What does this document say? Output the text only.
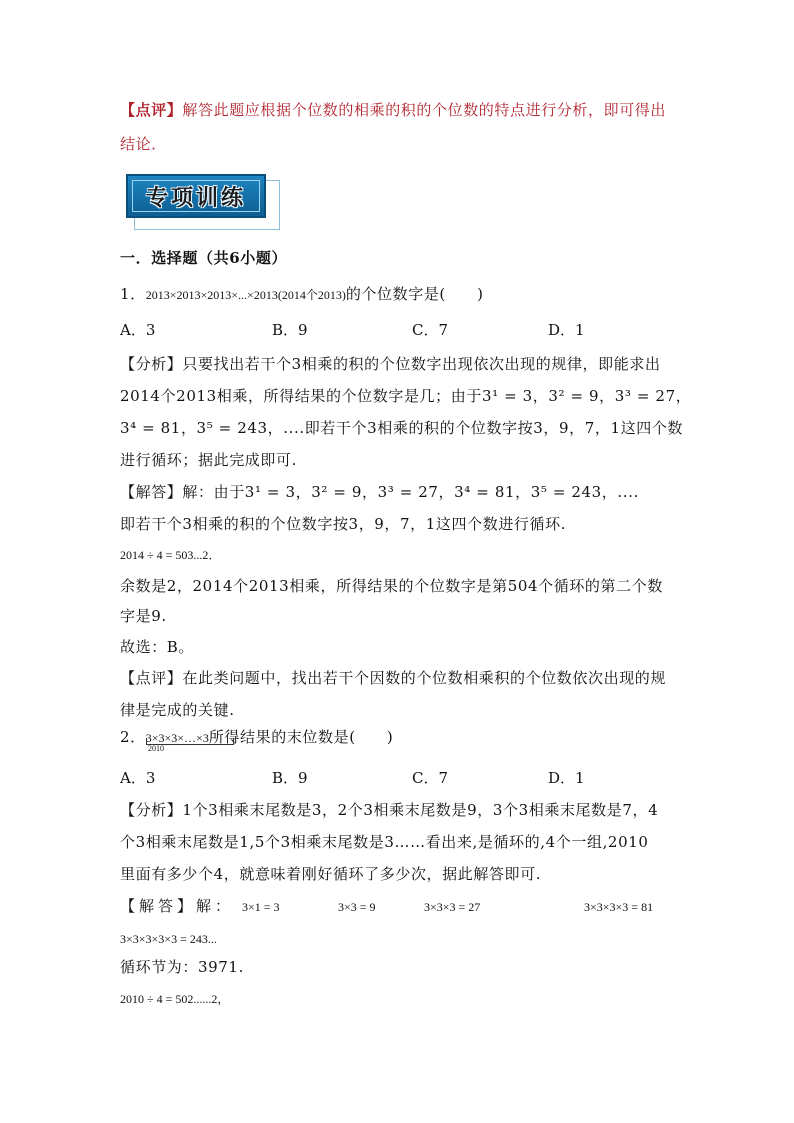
【点评】解答此题应根据个位数的相乘的积的个位数的特点进行分析，即可得出
结论．
专项训练
一．选择题（共6小题）
1．2013×2013×2013×...×2013(2014个2013)的个位数字是(　　)
A．3	B．9	C．7	D．1
【分析】只要找出若干个3相乘的积的个位数字出现依次出现的规律，即能求出
2014个2013相乘，所得结果的个位数字是几；由于3¹ = 3，3² = 9，3³ = 27，
3⁴ = 81，3⁵ = 243，....即若干个3相乘的积的个位数字按3，9，7，1这四个数
进行循环；据此完成即可.
【解答】解：由于3¹ = 3，3² = 9，3³ = 27，3⁴ = 81，3⁵ = 243，....
即若干个3相乘的积的个位数字按3，9，7，1这四个数进行循环.
2014 ÷ 4 = 503...2．
余数是2，2014个2013相乘，所得结果的个位数字是第504个循环的第二个数
字是9.
故选：B。
【点评】在此类问题中，找出若干个因数的个位数相乘积的个位数依次出现的规
律是完成的关键.
2．3×3×3×…×3所得结果的末位数是(　　)
2010
A．3	B．9	C．7	D．1
【分析】1个3相乘末尾数是3，2个3相乘末尾数是9，3个3相乘末尾数是7，4
个3相乘末尾数是1,5个3相乘末尾数是3……看出来,是循环的,4个一组,2010
里面有多少个4，就意味着刚好循环了多少次，据此解答即可.
【解答】解： 3×1 = 3	3×3 = 9	3×3×3 = 27	3×3×3×3 = 81
3×3×3×3×3 = 243...
循环节为：3971.
2010 ÷ 4 = 502......2，
